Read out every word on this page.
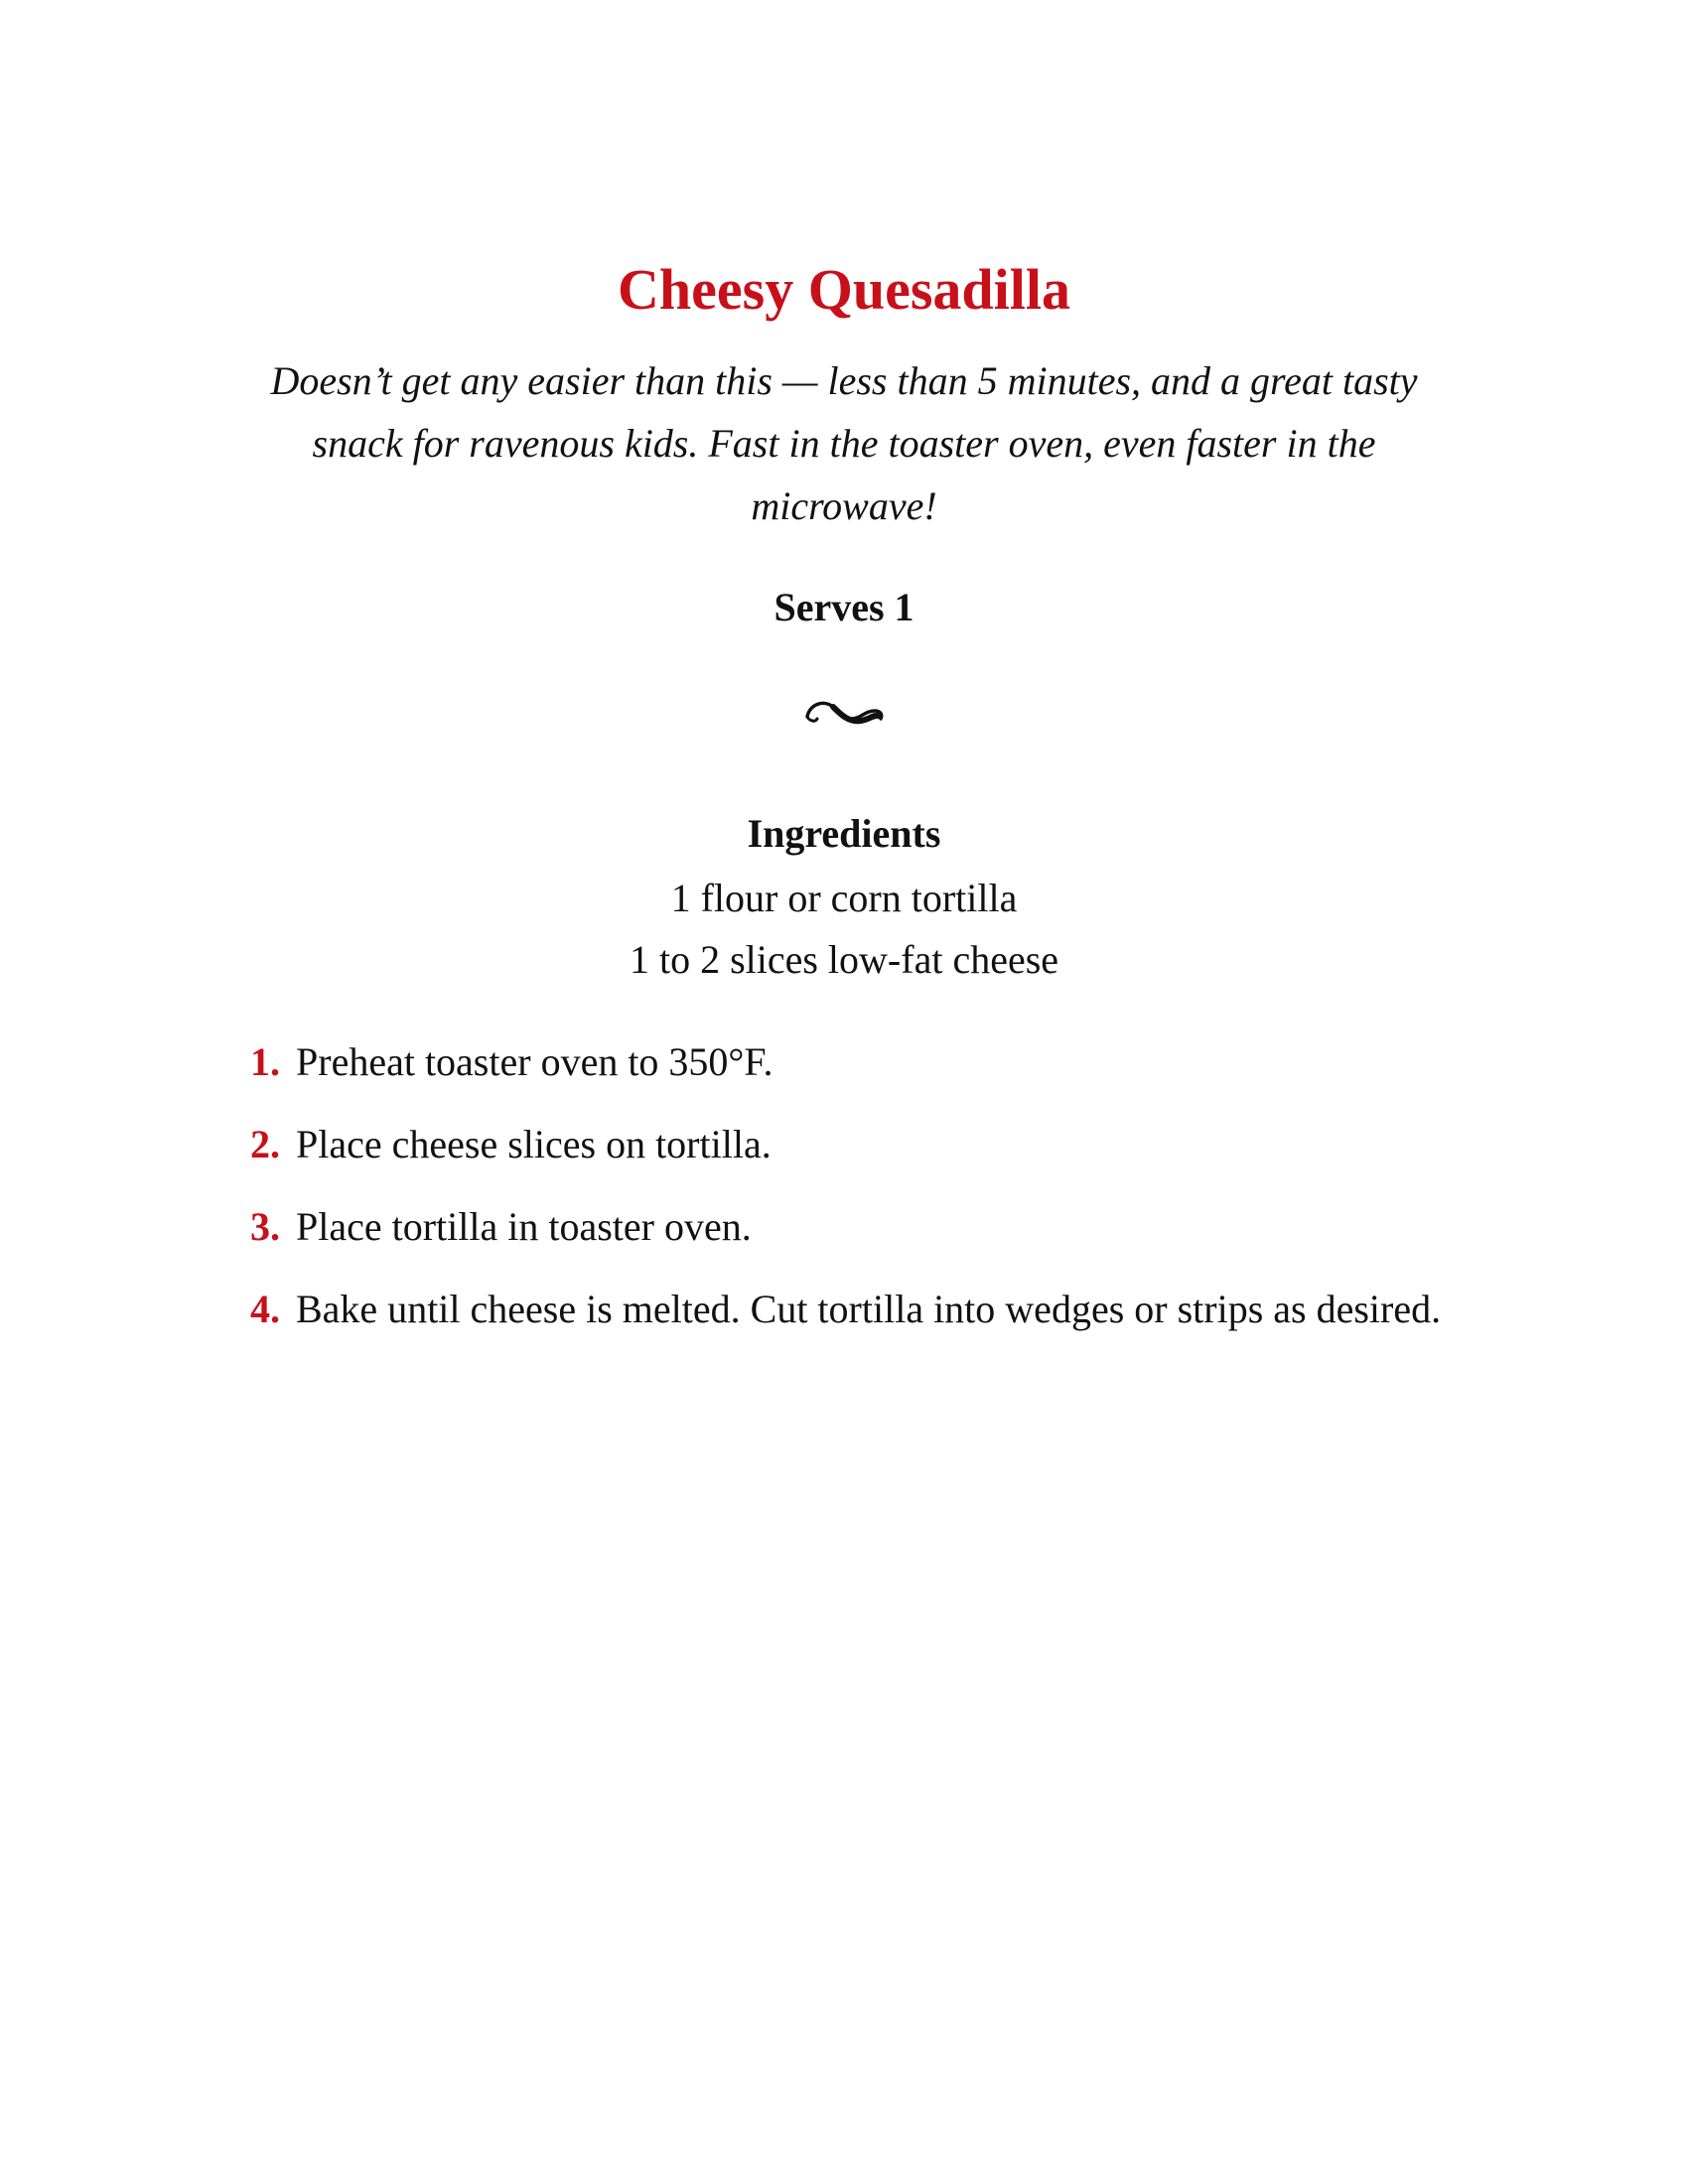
Cheesy Quesadilla

Doesn’t get any easier than this — less than 5 minutes, and a great tasty snack for ravenous kids. Fast in the toaster oven, even faster in the microwave!

Serves 1
Ingredients
1 flour or corn tortilla
1 to 2 slices low-fat cheese
1. Preheat toaster oven to 350°F.
2. Place cheese slices on tortilla.
3. Place tortilla in toaster oven.
4. Bake until cheese is melted. Cut tortilla into wedges or strips as desired.
